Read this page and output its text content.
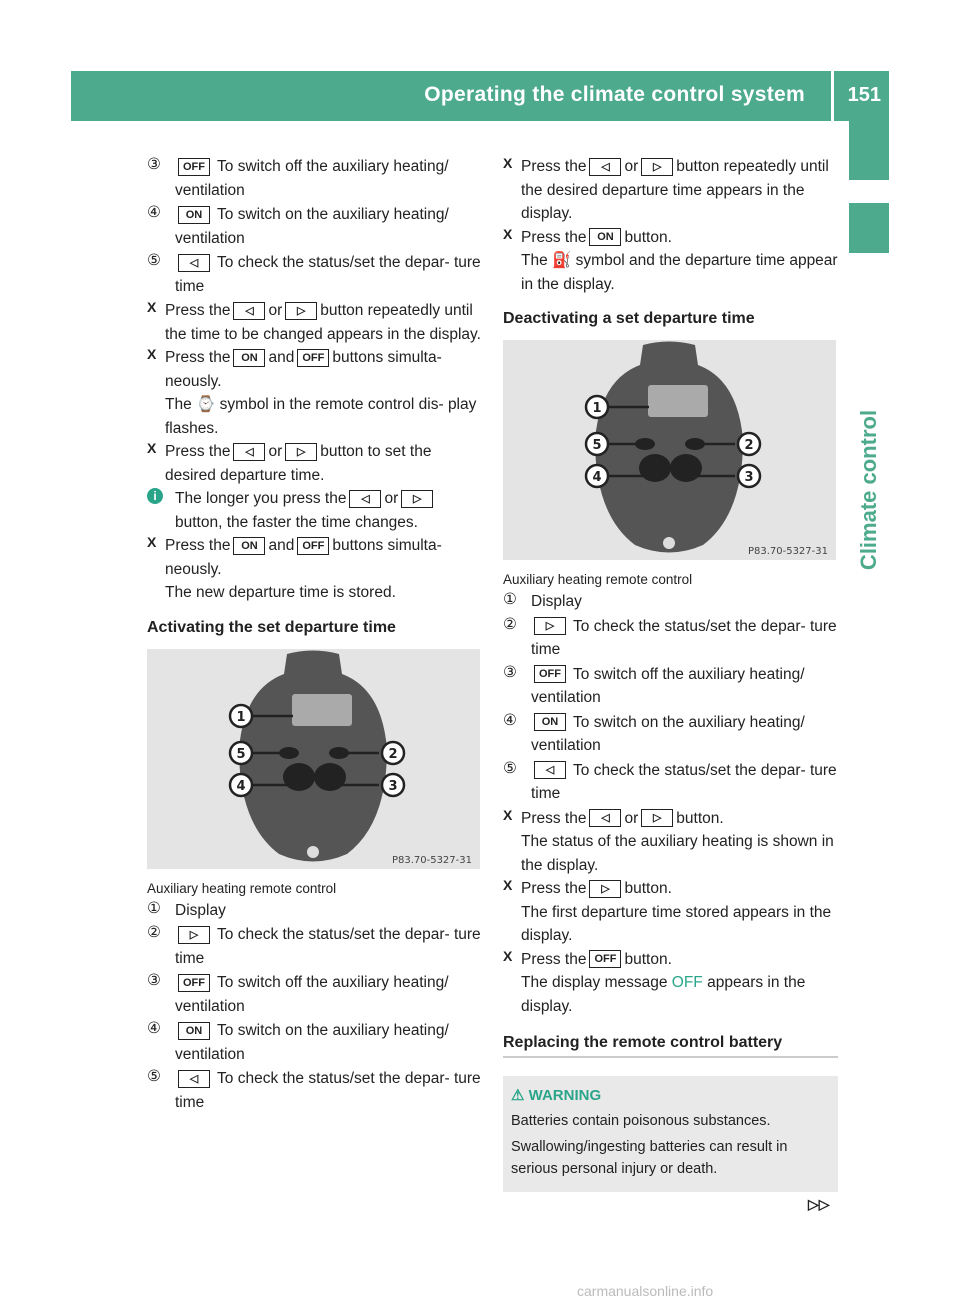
Operating the climate control system 151
Climate control
③	OFF To switch off the auxiliary heating/ ventilation

④	ON To switch on the auxiliary heating/ ventilation

⑤	◁ To check the status/set the depar- ture time

X Press the ◁ or ▷ button repeatedly until the time to be changed appears in the display.

X Press the ON and OFF buttons simulta- neously.

The ⌚ symbol in the remote control dis- play flashes.

X Press the ◁ or ▷ button to set the desired departure time.

i	The longer you press the ◁ or ▷button, the faster the time changes.

X Press the ON and OFF buttons simulta- neously.

The new departure time is stored.

Activating the set departure time
1
5
4
2
3
P83.70-5327-31

Auxiliary heating remote control

① Display

②	▷ To check the status/set the depar- ture time

③	OFF To switch off the auxiliary heating/ ventilation

④	ON To switch on the auxiliary heating/ ventilation

⑤	◁ To check the status/set the depar- ture time

X Press the ◁ or ▷ button repeatedly until the desired departure time appears in the display.

X Press the ON button.

The ⛽ symbol and the departure time appear in the display.

Deactivating a set departure time
1
5
4
2
3
P83.70-5327-31

Auxiliary heating remote control

① Display

②	▷ To check the status/set the depar- ture time

③	OFF To switch off the auxiliary heating/ ventilation

④	ON To switch on the auxiliary heating/ ventilation

⑤	◁ To check the status/set the depar- ture time

X Press the ◁ or ▷ button.

The status of the auxiliary heating is shown in the display.

X Press the ▷ button.

The first departure time stored appears in the display.

X Press the OFF button.

The display message OFF appears in the display.

Replacing the remote control battery
⚠ WARNING

Batteries contain poisonous substances.

Swallowing/ingesting batteries can result in serious personal injury or death.

▷▷
carmanualsonline.info
